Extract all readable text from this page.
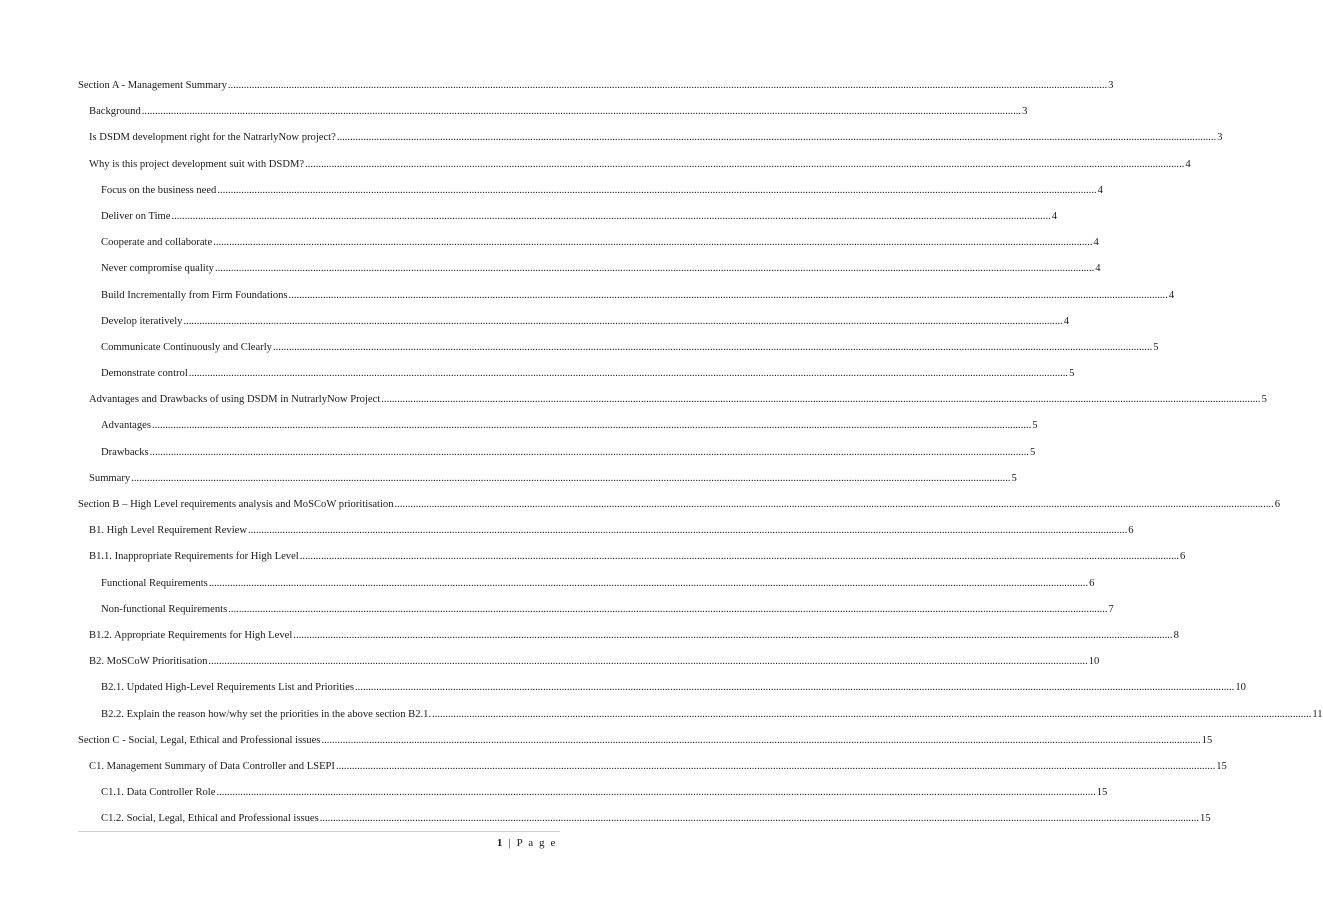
Section A - Management Summary .....	3
Background .....	3
Is DSDM development right for the NatrarlyNow project? .....	3
Why is this project development suit with DSDM? .....	4
Focus on the business need .....	4
Deliver on Time .....	4
Cooperate and collaborate .....	4
Never compromise quality .....	4
Build Incrementally from Firm Foundations .....	4
Develop iteratively .....	4
Communicate Continuously and Clearly .....	5
Demonstrate control .....	5
Advantages and Drawbacks of using DSDM in NutrarlyNow Project .....	5
Advantages .....	5
Drawbacks .....	5
Summary .....	5
Section B – High Level requirements analysis and MoSCoW prioritisation .....	6
B1. High Level Requirement Review .....	6
B1.1. Inappropriate Requirements for High Level .....	6
Functional Requirements .....	6
Non-functional Requirements .....	7
B1.2. Appropriate Requirements for High Level .....	8
B2. MoSCoW Prioritisation .....	10
B2.1. Updated High-Level Requirements List and Priorities .....	10
B2.2. Explain the reason how/why set the priorities in the above section B2.1. .....	11
Section C - Social, Legal, Ethical and Professional issues .....	15
C1. Management Summary of Data Controller and LSEPI .....	15
C1.1. Data Controller Role .....	15
C1.2. Social, Legal, Ethical and Professional issues .....	15
1 | P a g e
